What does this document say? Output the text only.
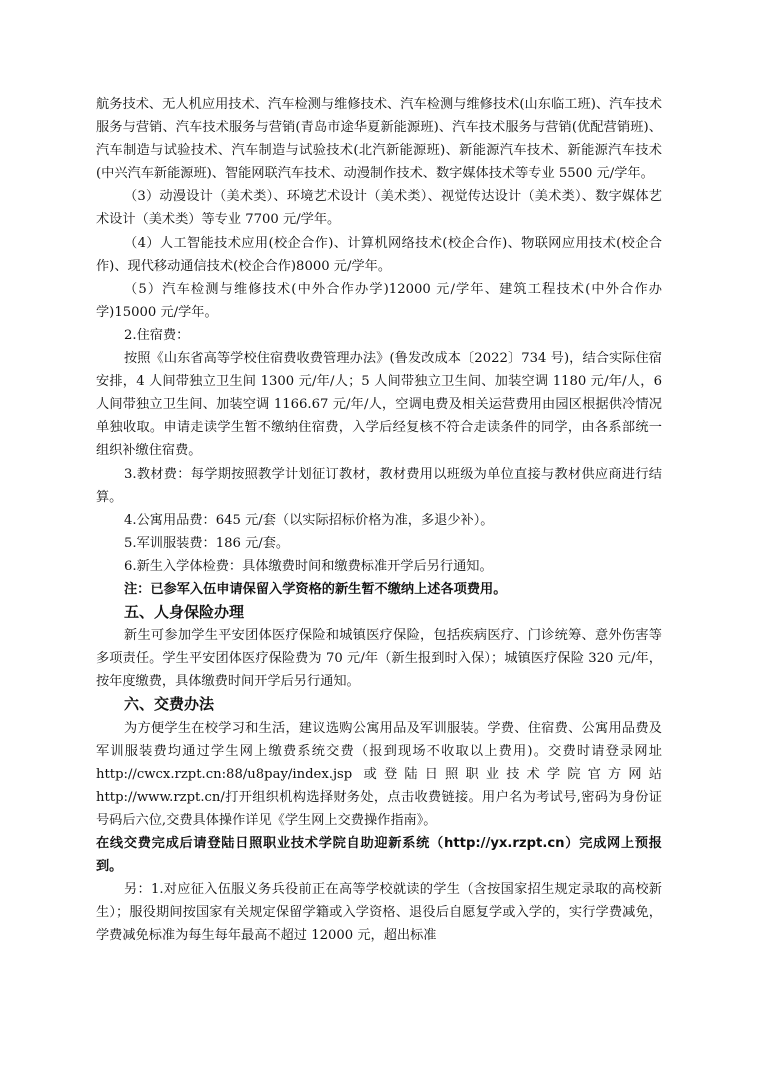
航务技术、无人机应用技术、汽车检测与维修技术、汽车检测与维修技术(山东临工班)、汽车技术服务与营销、汽车技术服务与营销(青岛市途华夏新能源班)、汽车技术服务与营销(优配营销班)、汽车制造与试验技术、汽车制造与试验技术(北汽新能源班)、新能源汽车技术、新能源汽车技术(中兴汽车新能源班)、智能网联汽车技术、动漫制作技术、数字媒体技术等专业 5500 元/学年。

（3）动漫设计（美术类）、环境艺术设计（美术类）、视觉传达设计（美术类）、数字媒体艺术设计（美术类）等专业 7700 元/学年。

（4）人工智能技术应用(校企合作)、计算机网络技术(校企合作)、物联网应用技术(校企合作)、现代移动通信技术(校企合作)8000 元/学年。

（5）汽车检测与维修技术(中外合作办学)12000 元/学年、建筑工程技术(中外合作办学)15000 元/学年。

2.住宿费：

按照《山东省高等学校住宿费收费管理办法》(鲁发改成本〔2022〕734 号)，结合实际住宿安排，4 人间带独立卫生间 1300 元/年/人；5 人间带独立卫生间、加装空调 1180 元/年/人，6 人间带独立卫生间、加装空调 1166.67 元/年/人，空调电费及相关运营费用由园区根据供冷情况单独收取。申请走读学生暂不缴纳住宿费，入学后经复核不符合走读条件的同学，由各系部统一组织补缴住宿费。

3.教材费：每学期按照教学计划征订教材，教材费用以班级为单位直接与教材供应商进行结算。

4.公寓用品费：645 元/套（以实际招标价格为准，多退少补）。

5.军训服装费：186 元/套。

6.新生入学体检费：具体缴费时间和缴费标准开学后另行通知。

注：已参军入伍申请保留入学资格的新生暂不缴纳上述各项费用。

五、人身保险办理

新生可参加学生平安团体医疗保险和城镇医疗保险，包括疾病医疗、门诊统筹、意外伤害等多项责任。学生平安团体医疗保险费为 70 元/年（新生报到时入保）；城镇医疗保险 320 元/年，按年度缴费，具体缴费时间开学后另行通知。

六、交费办法

为方便学生在校学习和生活，建议选购公寓用品及军训服装。学费、住宿费、公寓用品费及军训服装费均通过学生网上缴费系统交费（报到现场不收取以上费用)。交费时请登录网址 http://cwcx.rzpt.cn:88/u8pay/index.jsp 或登陆日照职业技术学院官方网站 http://www.rzpt.cn/打开组织机构选择财务处，点击收费链接。用户名为考试号,密码为身份证号码后六位,交费具体操作详见《学生网上交费操作指南》。

在线交费完成后请登陆日照职业技术学院自助迎新系统（http://yx.rzpt.cn）完成网上预报到。

另：1.对应征入伍服义务兵役前正在高等学校就读的学生（含按国家招生规定录取的高校新生）；服役期间按国家有关规定保留学籍或入学资格、退役后自愿复学或入学的，实行学费减免，学费减免标准为每生每年最高不超过 12000 元，超出标准
